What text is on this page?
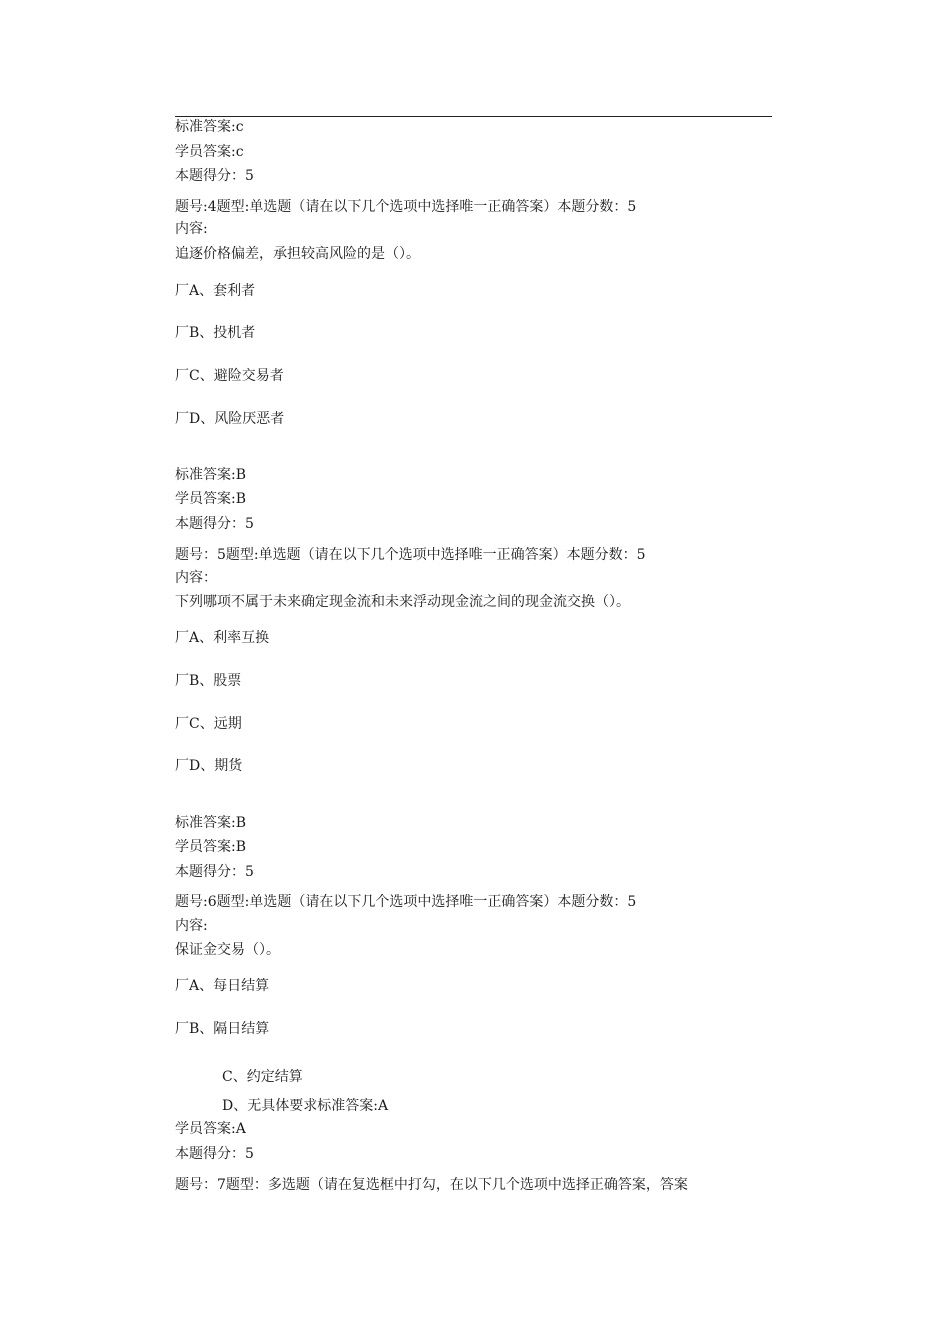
标准答案:c
学员答案:c
本题得分：5
题号:4题型:单选题（请在以下几个选项中选择唯一正确答案）本题分数：5
内容:
追逐价格偏差，承担较高风险的是（）。
厂A、套利者
厂B、投机者
厂C、避险交易者
厂D、风险厌恶者
标准答案:B
学员答案:B
本题得分：5
题号：5题型:单选题（请在以下几个选项中选择唯一正确答案）本题分数：5
内容：
下列哪项不属于未来确定现金流和未来浮动现金流之间的现金流交换（）。
厂A、利率互换
厂B、股票
厂C、远期
厂D、期货
标准答案:B
学员答案:B
本题得分：5
题号:6题型:单选题（请在以下几个选项中选择唯一正确答案）本题分数：5
内容:
保证金交易（）。
厂A、每日结算
厂B、隔日结算
C、约定结算
D、无具体要求标准答案:A
学员答案:A
本题得分：5
题号：7题型：多选题（请在复选框中打勾，在以下几个选项中选择正确答案，答案
